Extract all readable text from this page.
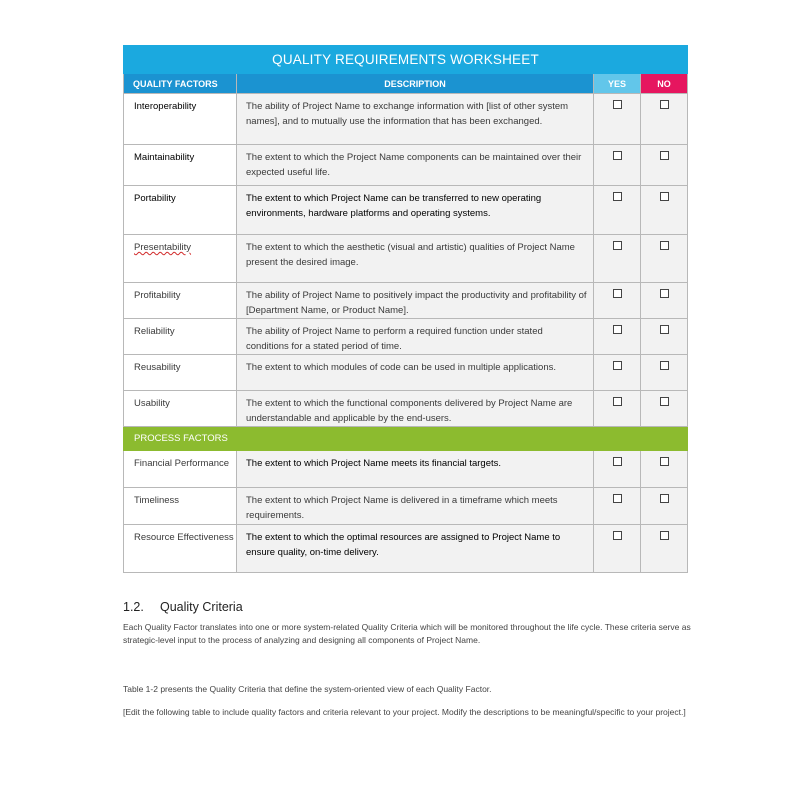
QUALITY REQUIREMENTS WORKSHEET			
QUALITY FACTORS	DESCRIPTION	YES	NO
Interoperability	The ability of Project Name to exchange information with [list of other system names], and to mutually use the information that has been exchanged.		
Maintainability	The extent to which the Project Name components can be maintained over their expected useful life.		
Portability	The extent to which Project Name can be transferred to new operating environments, hardware platforms and operating systems.		
Presentability	The extent to which the aesthetic (visual and artistic) qualities of Project Name present the desired image.		
Profitability	The ability of Project Name to positively impact the productivity and profitability of [Department Name, or Product Name].		
Reliability	The ability of Project Name to perform a required function under stated conditions for a stated period of time.		
Reusability	The extent to which modules of code can be used in multiple applications.		
Usability	The extent to which the functional components delivered by Project Name are understandable and applicable by the end-users.		
PROCESS FACTORS			
Financial Performance	The extent to which Project Name meets its financial targets.		
Timeliness	The extent to which Project Name is delivered in a timeframe which meets requirements.		
Resource Effectiveness	The extent to which the optimal resources are assigned to Project Name to ensure quality, on-time delivery.		
1.2. Quality Criteria
Each Quality Factor translates into one or more system-related Quality Criteria which will be monitored throughout the life cycle. These criteria serve as strategic-level input to the process of analyzing and designing all components of Project Name.
Table 1-2 presents the Quality Criteria that define the system-oriented view of each Quality Factor.
[Edit the following table to include quality factors and criteria relevant to your project. Modify the descriptions to be meaningful/specific to your project.]
